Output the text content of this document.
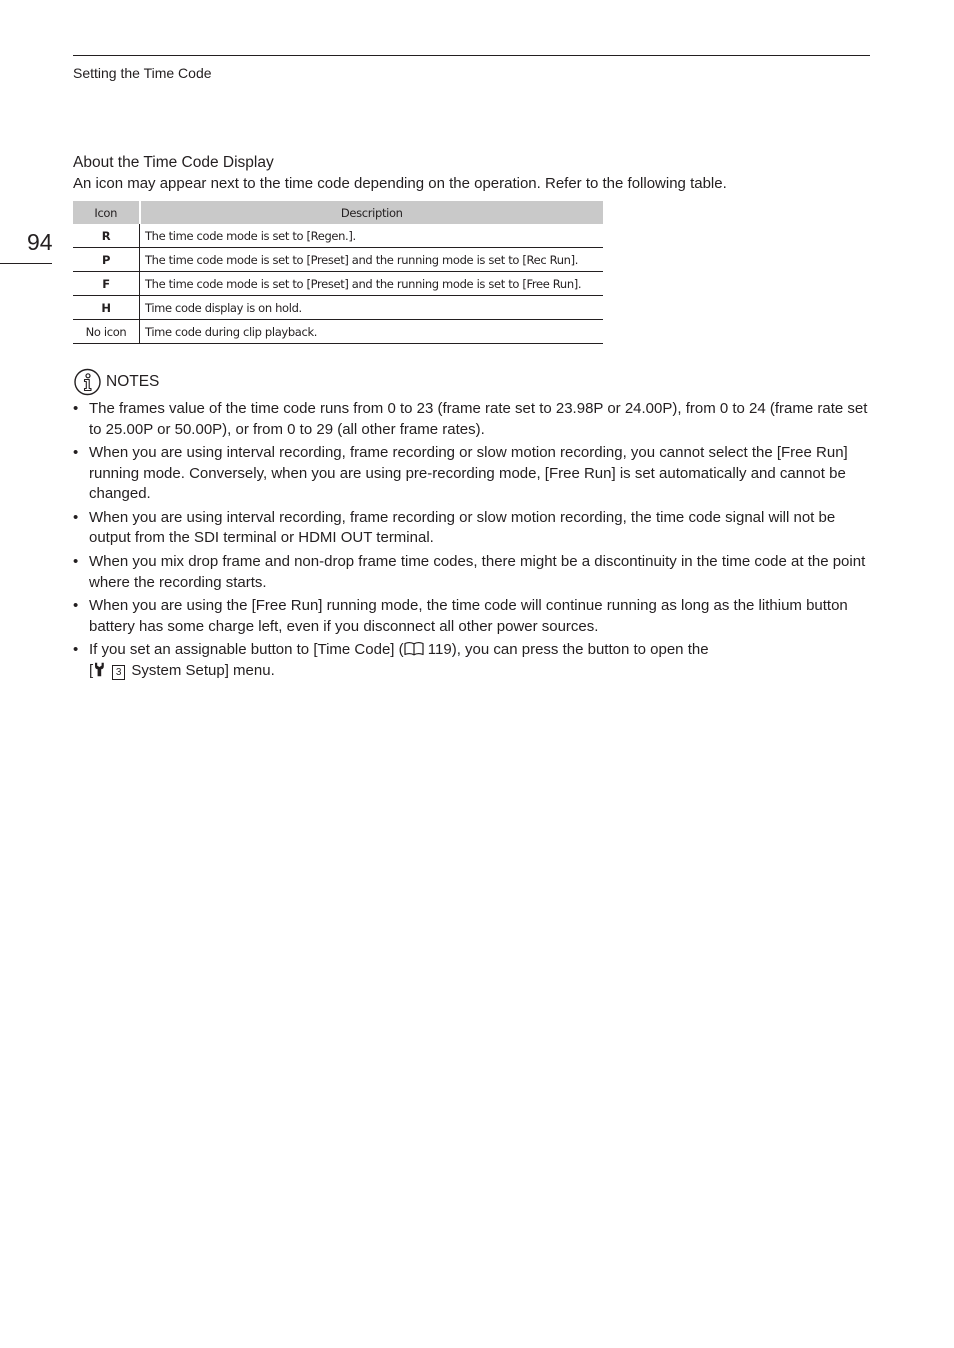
Setting the Time Code
94
About the Time Code Display
An icon may appear next to the time code depending on the operation. Refer to the following table.
Icon	Description
R	The time code mode is set to [Regen.].
P	The time code mode is set to [Preset] and the running mode is set to [Rec Run].
F	The time code mode is set to [Preset] and the running mode is set to [Free Run].
H	Time code display is on hold.
No icon	Time code during clip playback.
NOTES
• The frames value of the time code runs from 0 to 23 (frame rate set to 23.98P or 24.00P), from 0 to 24 (frame rate set to 25.00P or 50.00P), or from 0 to 29 (all other frame rates).
• When you are using interval recording, frame recording or slow motion recording, you cannot select the [Free Run] running mode. Conversely, when you are using pre-recording mode, [Free Run] is set automatically and cannot be changed.
• When you are using interval recording, frame recording or slow motion recording, the time code signal will not be output from the SDI terminal or HDMI OUT terminal.
• When you mix drop frame and non-drop frame time codes, there might be a discontinuity in the time code at the point where the recording starts.
• When you are using the [Free Run] running mode, the time code will continue running as long as the lithium button battery has some charge left, even if you disconnect all other power sources.
• If you set an assignable button to [Time Code] ( 119), you can press the button to open the
[ 3 System Setup] menu.
